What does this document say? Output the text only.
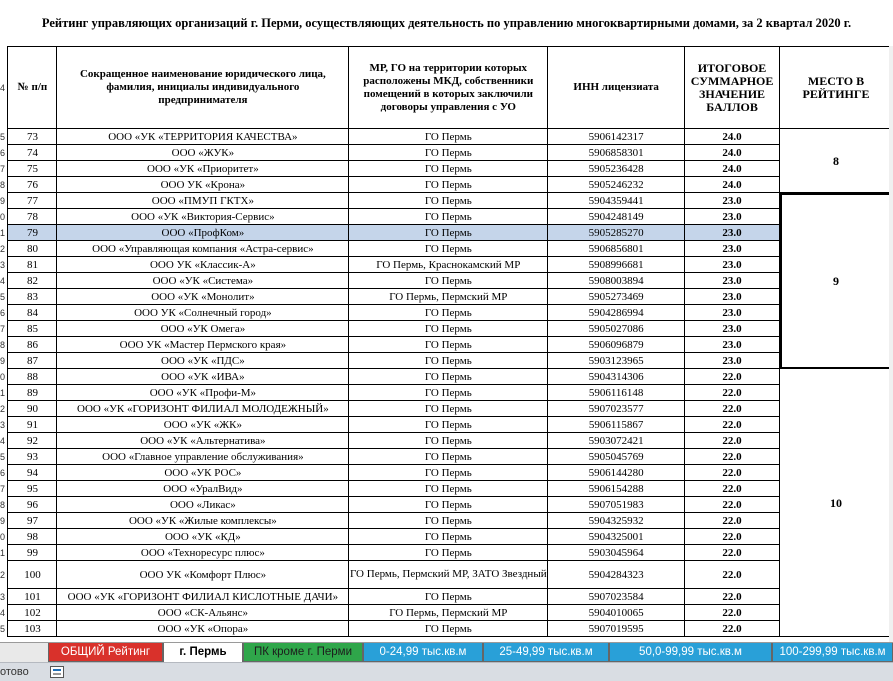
Рейтинг управляющих организаций г. Перми, осуществляющих деятельность по управлению многоквартирными домами, за 2 квартал 2020 г.
4	№ п/п	Сокращенное наименование юридического лица, фамилия, инициалы индивидуального предпринимателя	МР, ГО на территории которых расположены МКД, собственники помещений в которых заключили договоры управления с УО	ИНН лицензиата	ИТОГОВОЕ СУММАРНОЕ ЗНАЧЕНИЕ БАЛЛОВ	МЕСТО В РЕЙТИНГЕ
5	73	ООО «УК «ТЕРРИТОРИЯ КАЧЕСТВА»	ГО Пермь	5906142317	24.0	8
6	74	ООО «ЖУК»	ГО Пермь	5906858301	24.0	
7	75	ООО «УК «Приоритет»	ГО Пермь	5905236428	24.0	
8	76	ООО УК «Крона»	ГО Пермь	5905246232	24.0	
9	77	ООО «ПМУП ГКТХ»	ГО Пермь	5904359441	23.0	9
0	78	ООО «УК «Виктория-Сервис»	ГО Пермь	5904248149	23.0	
1	79	ООО «ПрофКом»	ГО Пермь	5905285270	23.0	
2	80	ООО «Управляющая компания «Астра-сервис»	ГО Пермь	5906856801	23.0	
3	81	ООО УК «Классик-А»	ГО Пермь, Краснокамский МР	5908996681	23.0	
4	82	ООО «УК «Система»	ГО Пермь	5908003894	23.0	
5	83	ООО «УК «Монолит»	ГО Пермь, Пермский МР	5905273469	23.0	
6	84	ООО УК «Солнечный город»	ГО Пермь	5904286994	23.0	
7	85	ООО «УК Омега»	ГО Пермь	5905027086	23.0	
8	86	ООО УК «Мастер Пермского края»	ГО Пермь	5906096879	23.0	
9	87	ООО «УК «ПДС»	ГО Пермь	5903123965	23.0	
0	88	ООО «УК «ИВА»	ГО Пермь	5904314306	22.0	10
1	89	ООО «УК «Профи-М»	ГО Пермь	5906116148	22.0	
2	90	ООО «УК «ГОРИЗОНТ ФИЛИАЛ МОЛОДЕЖНЫЙ»	ГО Пермь	5907023577	22.0	
3	91	ООО «УК «ЖК»	ГО Пермь	5906115867	22.0	
4	92	ООО «УК «Альтернатива»	ГО Пермь	5903072421	22.0	
5	93	ООО «Главное управление обслуживания»	ГО Пермь	5905045769	22.0	
6	94	ООО «УК РОС»	ГО Пермь	5906144280	22.0	
7	95	ООО «УралВид»	ГО Пермь	5906154288	22.0	
8	96	ООО «Ликас»	ГО Пермь	5907051983	22.0	
9	97	ООО «УК «Жилые комплексы»	ГО Пермь	5904325932	22.0	
0	98	ООО «УК «КД»	ГО Пермь	5904325001	22.0	
1	99	ООО «Техноресурс плюс»	ГО Пермь	5903045964	22.0	
2	100	ООО УК «Комфорт Плюс»	ГО Пермь, Пермский МР, ЗАТО Звездный	5904284323	22.0	
3	101	ООО «УК «ГОРИЗОНТ ФИЛИАЛ КИСЛОТНЫЕ ДАЧИ»	ГО Пермь	5907023584	22.0	
4	102	ООО «СК-Альянс»	ГО Пермь, Пермский МР	5904010065	22.0	
5	103	ООО «УК «Опора»	ГО Пермь	5907019595	22.0	
ОБЩИЙ Рейтинг	г. Пермь	ПК кроме г. Перми	0-24,99 тыс.кв.м	25-49,99 тыс.кв.м	50,0-99,99 тыс.кв.м	100-299,99 тыс.кв.м
отово
